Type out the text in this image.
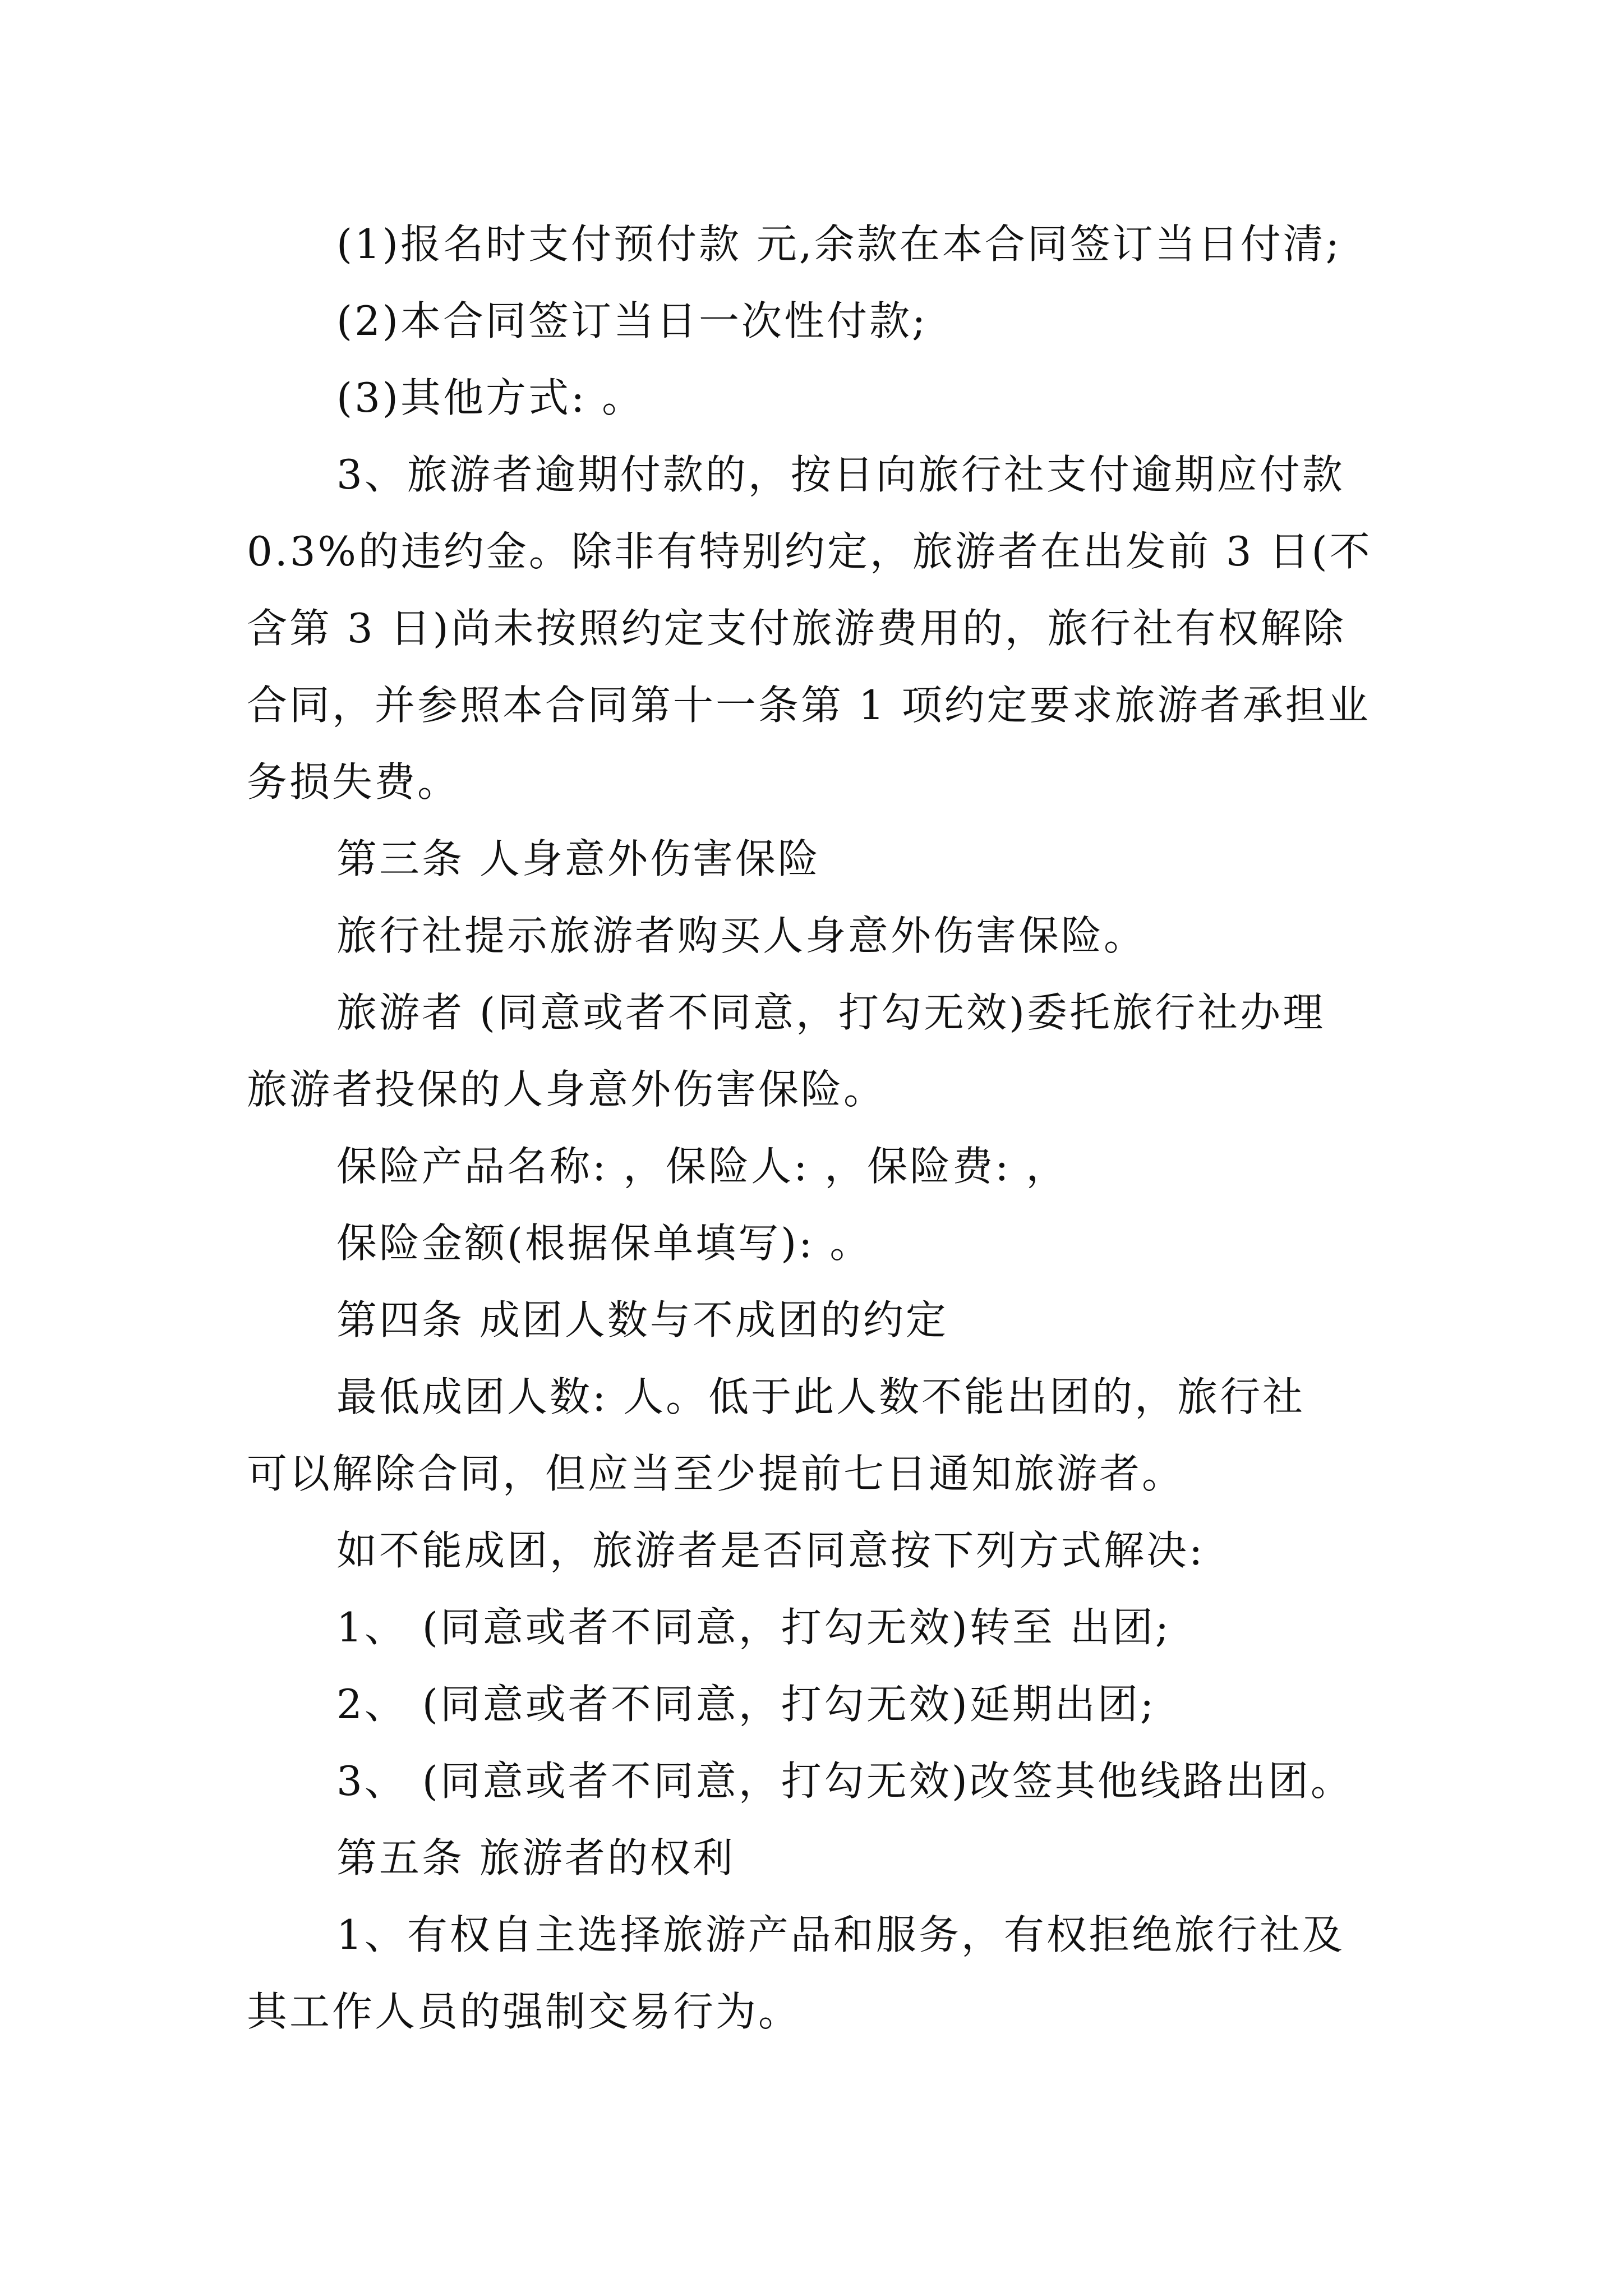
(1)报名时支付预付款 元,余款在本合同签订当日付清;
(2)本合同签订当日一次性付款;
(3)其他方式: 。
3、旅游者逾期付款的，按日向旅行社支付逾期应付款
0.3%的违约金。除非有特别约定，旅游者在出发前 3 日(不
含第 3 日)尚未按照约定支付旅游费用的，旅行社有权解除
合同，并参照本合同第十一条第 1 项约定要求旅游者承担业
务损失费。
第三条 人身意外伤害保险
旅行社提示旅游者购买人身意外伤害保险。
旅游者 (同意或者不同意，打勾无效)委托旅行社办理
旅游者投保的人身意外伤害保险。
保险产品名称: ，保险人: ，保险费: ，
保险金额(根据保单填写): 。
第四条 成团人数与不成团的约定
最低成团人数: 人。低于此人数不能出团的，旅行社
可以解除合同，但应当至少提前七日通知旅游者。
如不能成团，旅游者是否同意按下列方式解决:
1、 (同意或者不同意，打勾无效)转至 出团;
2、 (同意或者不同意，打勾无效)延期出团;
3、 (同意或者不同意，打勾无效)改签其他线路出团。
第五条 旅游者的权利
1、有权自主选择旅游产品和服务，有权拒绝旅行社及
其工作人员的强制交易行为。
